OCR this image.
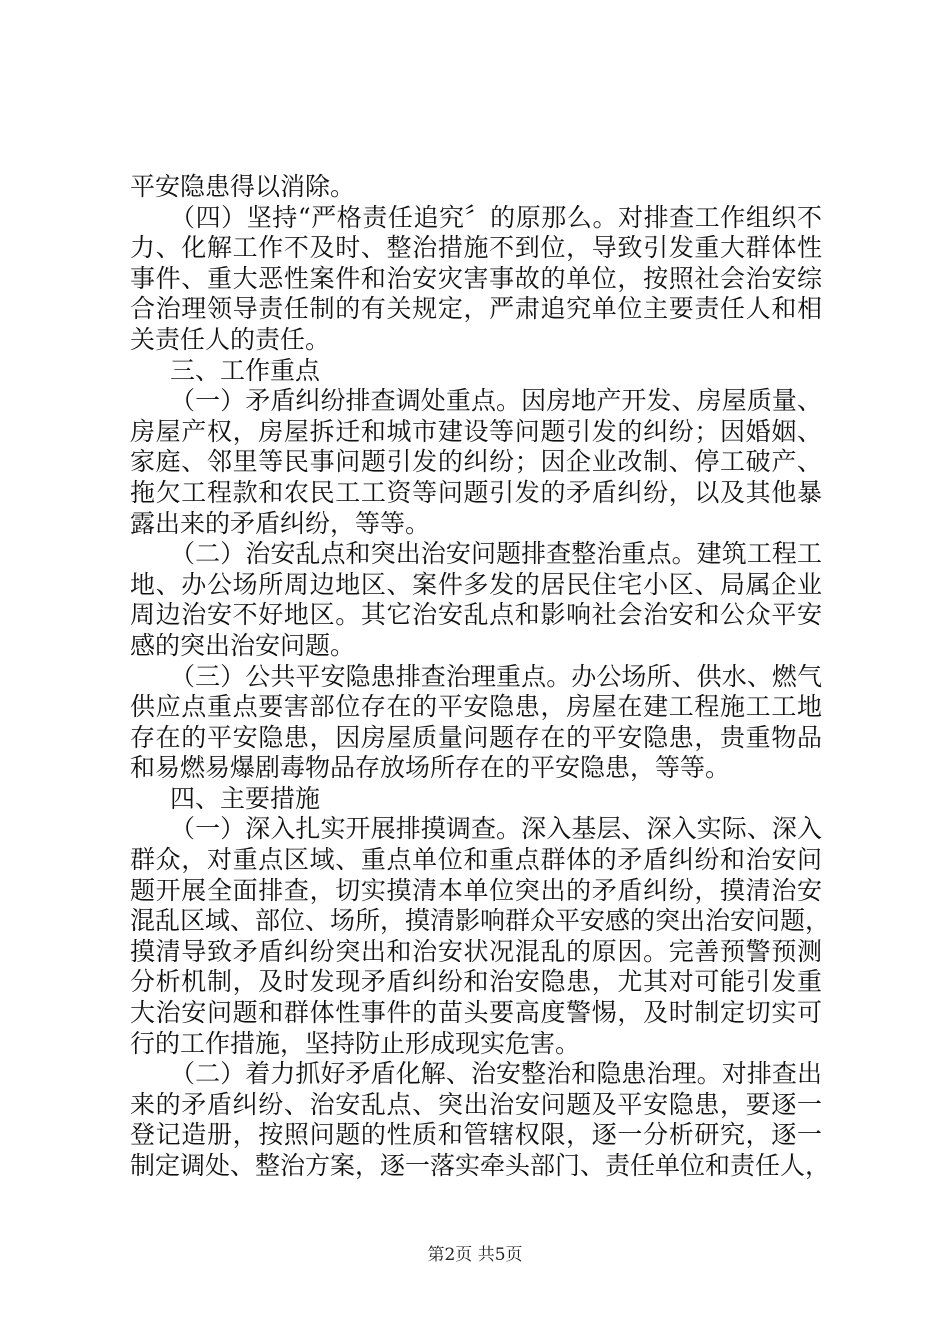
平安隐患得以消除。
（四）坚持“严格责任追究〞的原那么。对排查工作组织不
力、化解工作不及时、整治措施不到位，导致引发重大群体性
事件、重大恶性案件和治安灾害事故的单位，按照社会治安综
合治理领导责任制的有关规定，严肃追究单位主要责任人和相
关责任人的责任。
三、工作重点
（一）矛盾纠纷排查调处重点。因房地产开发、房屋质量、
房屋产权，房屋拆迁和城市建设等问题引发的纠纷；因婚姻、
家庭、邻里等民事问题引发的纠纷；因企业改制、停工破产、
拖欠工程款和农民工工资等问题引发的矛盾纠纷，以及其他暴
露出来的矛盾纠纷，等等。
（二）治安乱点和突出治安问题排查整治重点。建筑工程工
地、办公场所周边地区、案件多发的居民住宅小区、局属企业
周边治安不好地区。其它治安乱点和影响社会治安和公众平安
感的突出治安问题。
（三）公共平安隐患排查治理重点。办公场所、供水、燃气
供应点重点要害部位存在的平安隐患，房屋在建工程施工工地
存在的平安隐患，因房屋质量问题存在的平安隐患，贵重物品
和易燃易爆剧毒物品存放场所存在的平安隐患，等等。
四、主要措施
（一）深入扎实开展排摸调查。深入基层、深入实际、深入
群众，对重点区域、重点单位和重点群体的矛盾纠纷和治安问
题开展全面排查，切实摸清本单位突出的矛盾纠纷，摸清治安
混乱区域、部位、场所，摸清影响群众平安感的突出治安问题，
摸清导致矛盾纠纷突出和治安状况混乱的原因。完善预警预测
分析机制，及时发现矛盾纠纷和治安隐患，尤其对可能引发重
大治安问题和群体性事件的苗头要高度警惕，及时制定切实可
行的工作措施，坚持防止形成现实危害。
（二）着力抓好矛盾化解、治安整治和隐患治理。对排查出
来的矛盾纠纷、治安乱点、突出治安问题及平安隐患，要逐一
登记造册，按照问题的性质和管辖权限，逐一分析研究，逐一
制定调处、整治方案，逐一落实牵头部门、责任单位和责任人，
第2页 共5页
